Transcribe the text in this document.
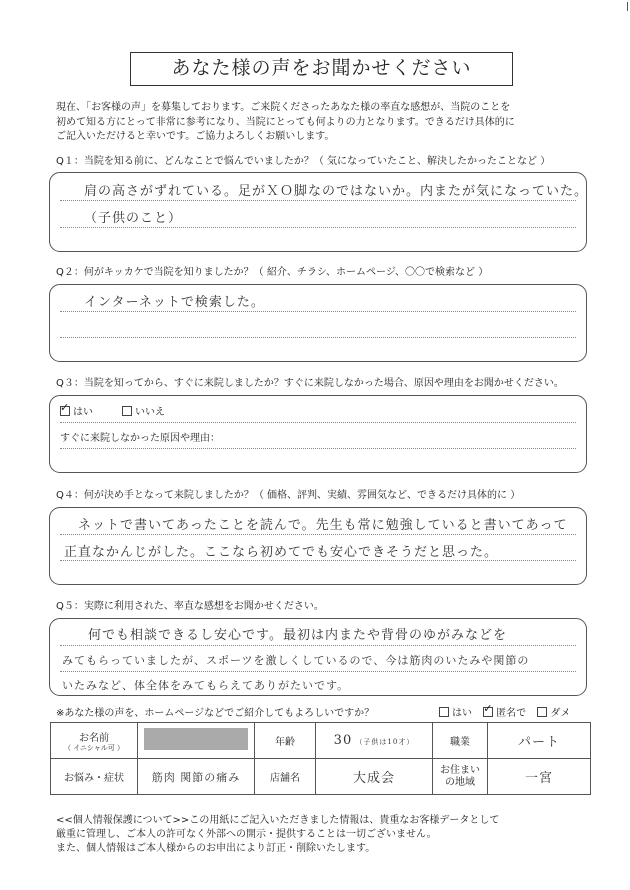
あなた様の声をお聞かせください
現在、「お客様の声」を募集しております。ご来院くださったあなた様の率直な感想が、当院のことを
初めて知る方にとって非常に参考になり、当院にとっても何よりの力となります。できるだけ具体的に
ご記入いただけると幸いです。ご協力よろしくお願いします。
Q１：当院を知る前に、どんなことで悩んでいましたか？（ 気になっていたこと、解決したかったことなど ）
肩の高さがずれている。足がＸＯ脚なのではないか。内またが気になっていた。
（子供のこと）
Q２：何がキッカケで当院を知りましたか？（ 紹介、チラシ、ホームページ、〇〇で検索など ）
インターネットで検索した。
Q３：当院を知ってから、すぐに来院しましたか？すぐに来院しなかった場合、原因や理由をお聞かせください。
✓ はい	いいえ
すぐに来院しなかった原因や理由：
Q４：何が決め手となって来院しましたか？（ 価格、評判、実績、雰囲気など、できるだけ具体的に ）
ネットで書いてあったことを読んで。先生も常に勉強していると書いてあって
正直なかんじがした。ここなら初めてでも安心できそうだと思った。
Q５：実際に利用された、率直な感想をお聞かせください。
何でも相談できるし安心です。最初は内またや背骨のゆがみなどを
みてもらっていましたが、スポーツを激しくしているので、今は筋肉のいたみや関節の
いたみなど、体全体をみてもらえてありがたいです。
※あなた様の声を、ホームページなどでご紹介してもよろしいですか？	はい ✓ 匿名で ダメ
お名前
（ イニシャル可 ）		年齢	30 （子供は10才）	職業	パート
お悩み・症状	筋肉 関節の痛み	店舗名	大成会	お住まい
の地域	一宮
<<個人情報保護について>>この用紙にご記入いただきました情報は、貴重なお客様データとして
厳重に管理し、ご本人の許可なく外部への開示・提供することは一切ございません。
また、個人情報はご本人様からのお申出により訂正・削除いたします。
